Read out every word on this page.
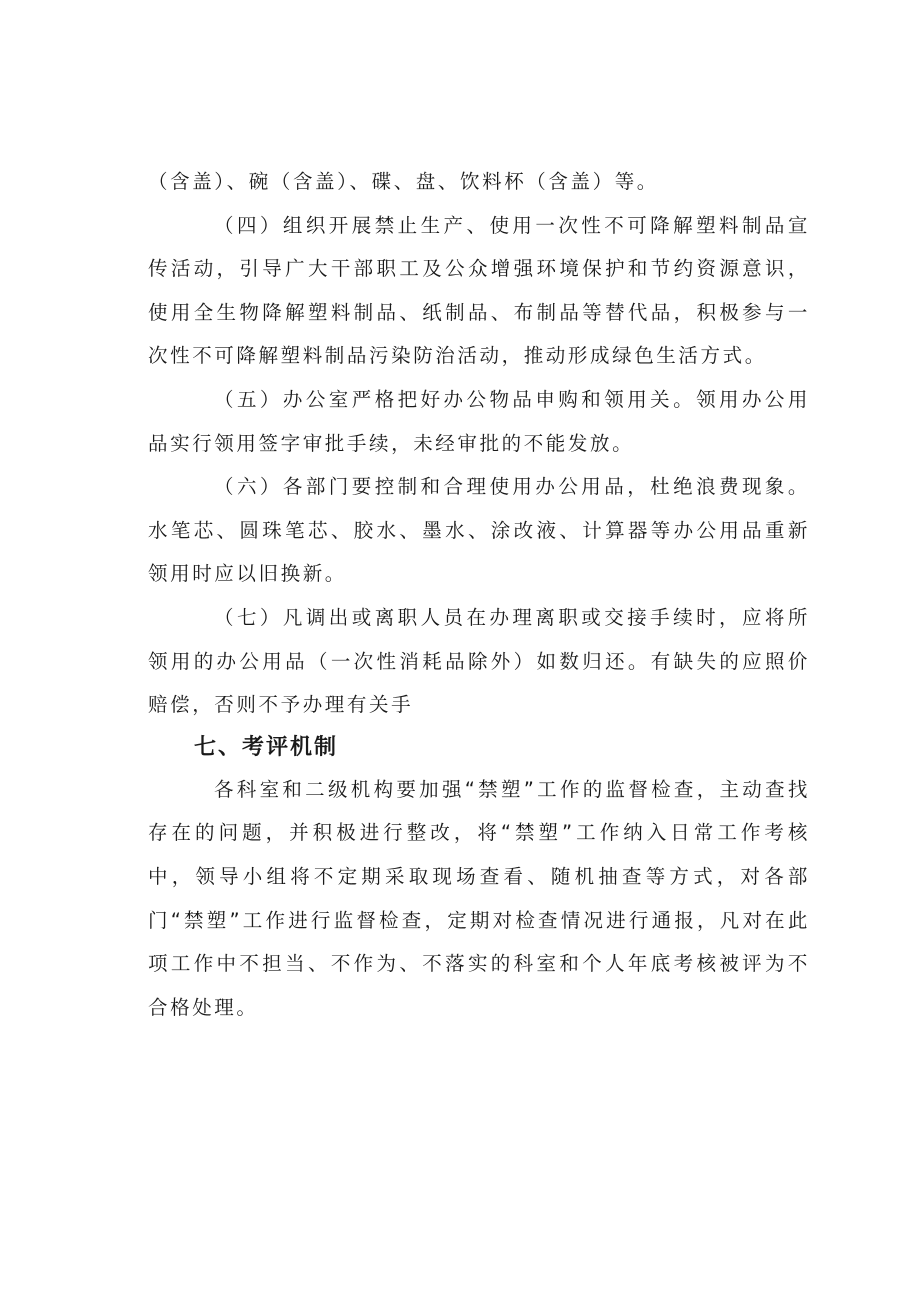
（含盖）、碗（含盖）、碟、盘、饮料杯（含盖）等。

（四）组织开展禁止生产、使用一次性不可降解塑料制品宣传活动，引导广大干部职工及公众增强环境保护和节约资源意识，使用全生物降解塑料制品、纸制品、布制品等替代品，积极参与一次性不可降解塑料制品污染防治活动，推动形成绿色生活方式。

（五）办公室严格把好办公物品申购和领用关。领用办公用品实行领用签字审批手续，未经审批的不能发放。

（六）各部门要控制和合理使用办公用品，杜绝浪费现象。水笔芯、圆珠笔芯、胶水、墨水、涂改液、计算器等办公用品重新领用时应以旧换新。

（七）凡调出或离职人员在办理离职或交接手续时，应将所领用的办公用品（一次性消耗品除外）如数归还。有缺失的应照价赔偿，否则不予办理有关手

七、考评机制

各科室和二级机构要加强“禁塑”工作的监督检查，主动查找存在的问题，并积极进行整改，将“禁塑”工作纳入日常工作考核中，领导小组将不定期采取现场查看、随机抽查等方式，对各部门“禁塑”工作进行监督检查，定期对检查情况进行通报，凡对在此项工作中不担当、不作为、不落实的科室和个人年底考核被评为不合格处理。
